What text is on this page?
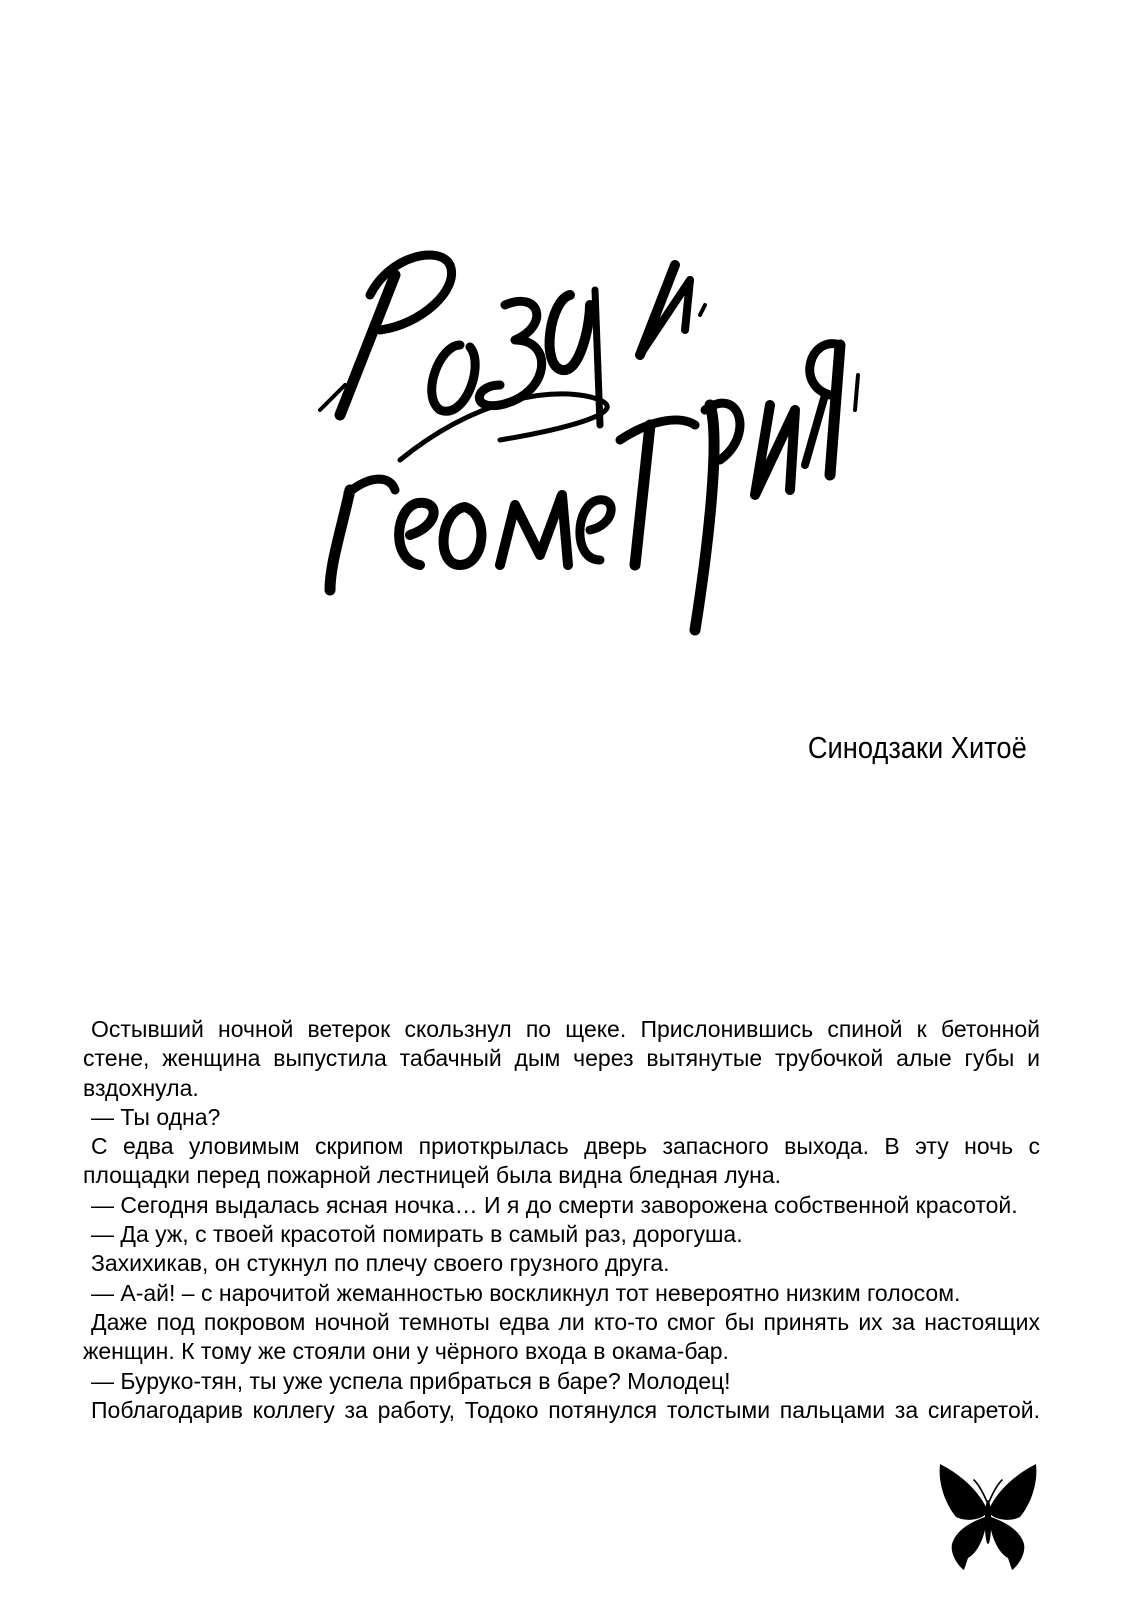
Синодзаки Хитоё

Остывший ночной ветерок скользнул по щеке. Прислонившись спиной к бетонной стене, женщина выпустила табачный дым через вытянутые трубочкой алые губы и вздохнула.

— Ты одна?

С едва уловимым скрипом приоткрылась дверь запасного выхода. В эту ночь с площадки перед пожарной лестницей была видна бледная луна.

— Сегодня выдалась ясная ночка… И я до смерти заворожена собственной красотой.

— Да уж, с твоей красотой помирать в самый раз, дорогуша.

Захихикав, он стукнул по плечу своего грузного друга.

— А-ай! – с нарочитой жеманностью воскликнул тот невероятно низким голосом.

Даже под покровом ночной темноты едва ли кто-то смог бы принять их за настоящих женщин. К тому же стояли они у чёрного входа в окама-бар.

— Буруко-тян, ты уже успела прибраться в баре? Молодец!

Поблагодарив коллегу за работу, Тодоко потянулся толстыми пальцами за сигаретой.
